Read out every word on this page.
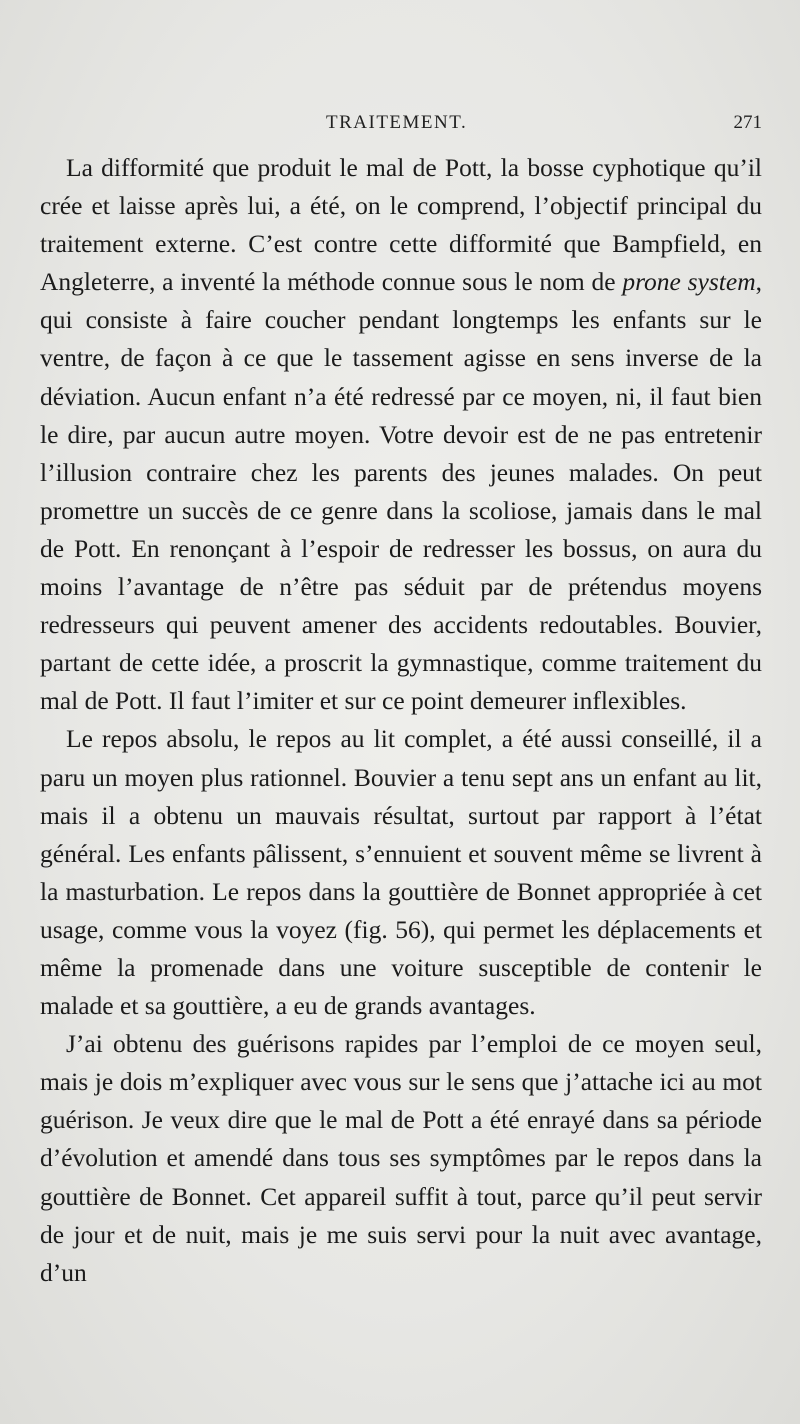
TRAITEMENT.	271

La difformité que produit le mal de Pott, la bosse cyphotique qu’il crée et laisse après lui, a été, on le comprend, l’objectif principal du traitement externe. C’est contre cette difformité que Bampfield, en Angleterre, a inventé la méthode connue sous le nom de prone system, qui consiste à faire coucher pendant longtemps les enfants sur le ventre, de façon à ce que le tassement agisse en sens inverse de la déviation. Aucun enfant n’a été redressé par ce moyen, ni, il faut bien le dire, par aucun autre moyen. Votre devoir est de ne pas entretenir l’illusion contraire chez les parents des jeunes malades. On peut promettre un succès de ce genre dans la scoliose, jamais dans le mal de Pott. En renonçant à l’espoir de redresser les bossus, on aura du moins l’avantage de n’être pas séduit par de prétendus moyens redresseurs qui peuvent amener des accidents redoutables. Bouvier, partant de cette idée, a proscrit la gymnastique, comme traitement du mal de Pott. Il faut l’imiter et sur ce point demeurer inflexibles.

Le repos absolu, le repos au lit complet, a été aussi conseillé, il a paru un moyen plus rationnel. Bouvier a tenu sept ans un enfant au lit, mais il a obtenu un mauvais résultat, surtout par rapport à l’état général. Les enfants pâlissent, s’ennuient et souvent même se livrent à la masturbation. Le repos dans la gouttière de Bonnet appropriée à cet usage, comme vous la voyez (fig. 56), qui permet les déplacements et même la promenade dans une voiture susceptible de contenir le malade et sa gouttière, a eu de grands avantages.

J’ai obtenu des guérisons rapides par l’emploi de ce moyen seul, mais je dois m’expliquer avec vous sur le sens que j’attache ici au mot guérison. Je veux dire que le mal de Pott a été enrayé dans sa période d’évolution et amendé dans tous ses symptômes par le repos dans la gouttière de Bonnet. Cet appareil suffit à tout, parce qu’il peut servir de jour et de nuit, mais je me suis servi pour la nuit avec avantage, d’un
